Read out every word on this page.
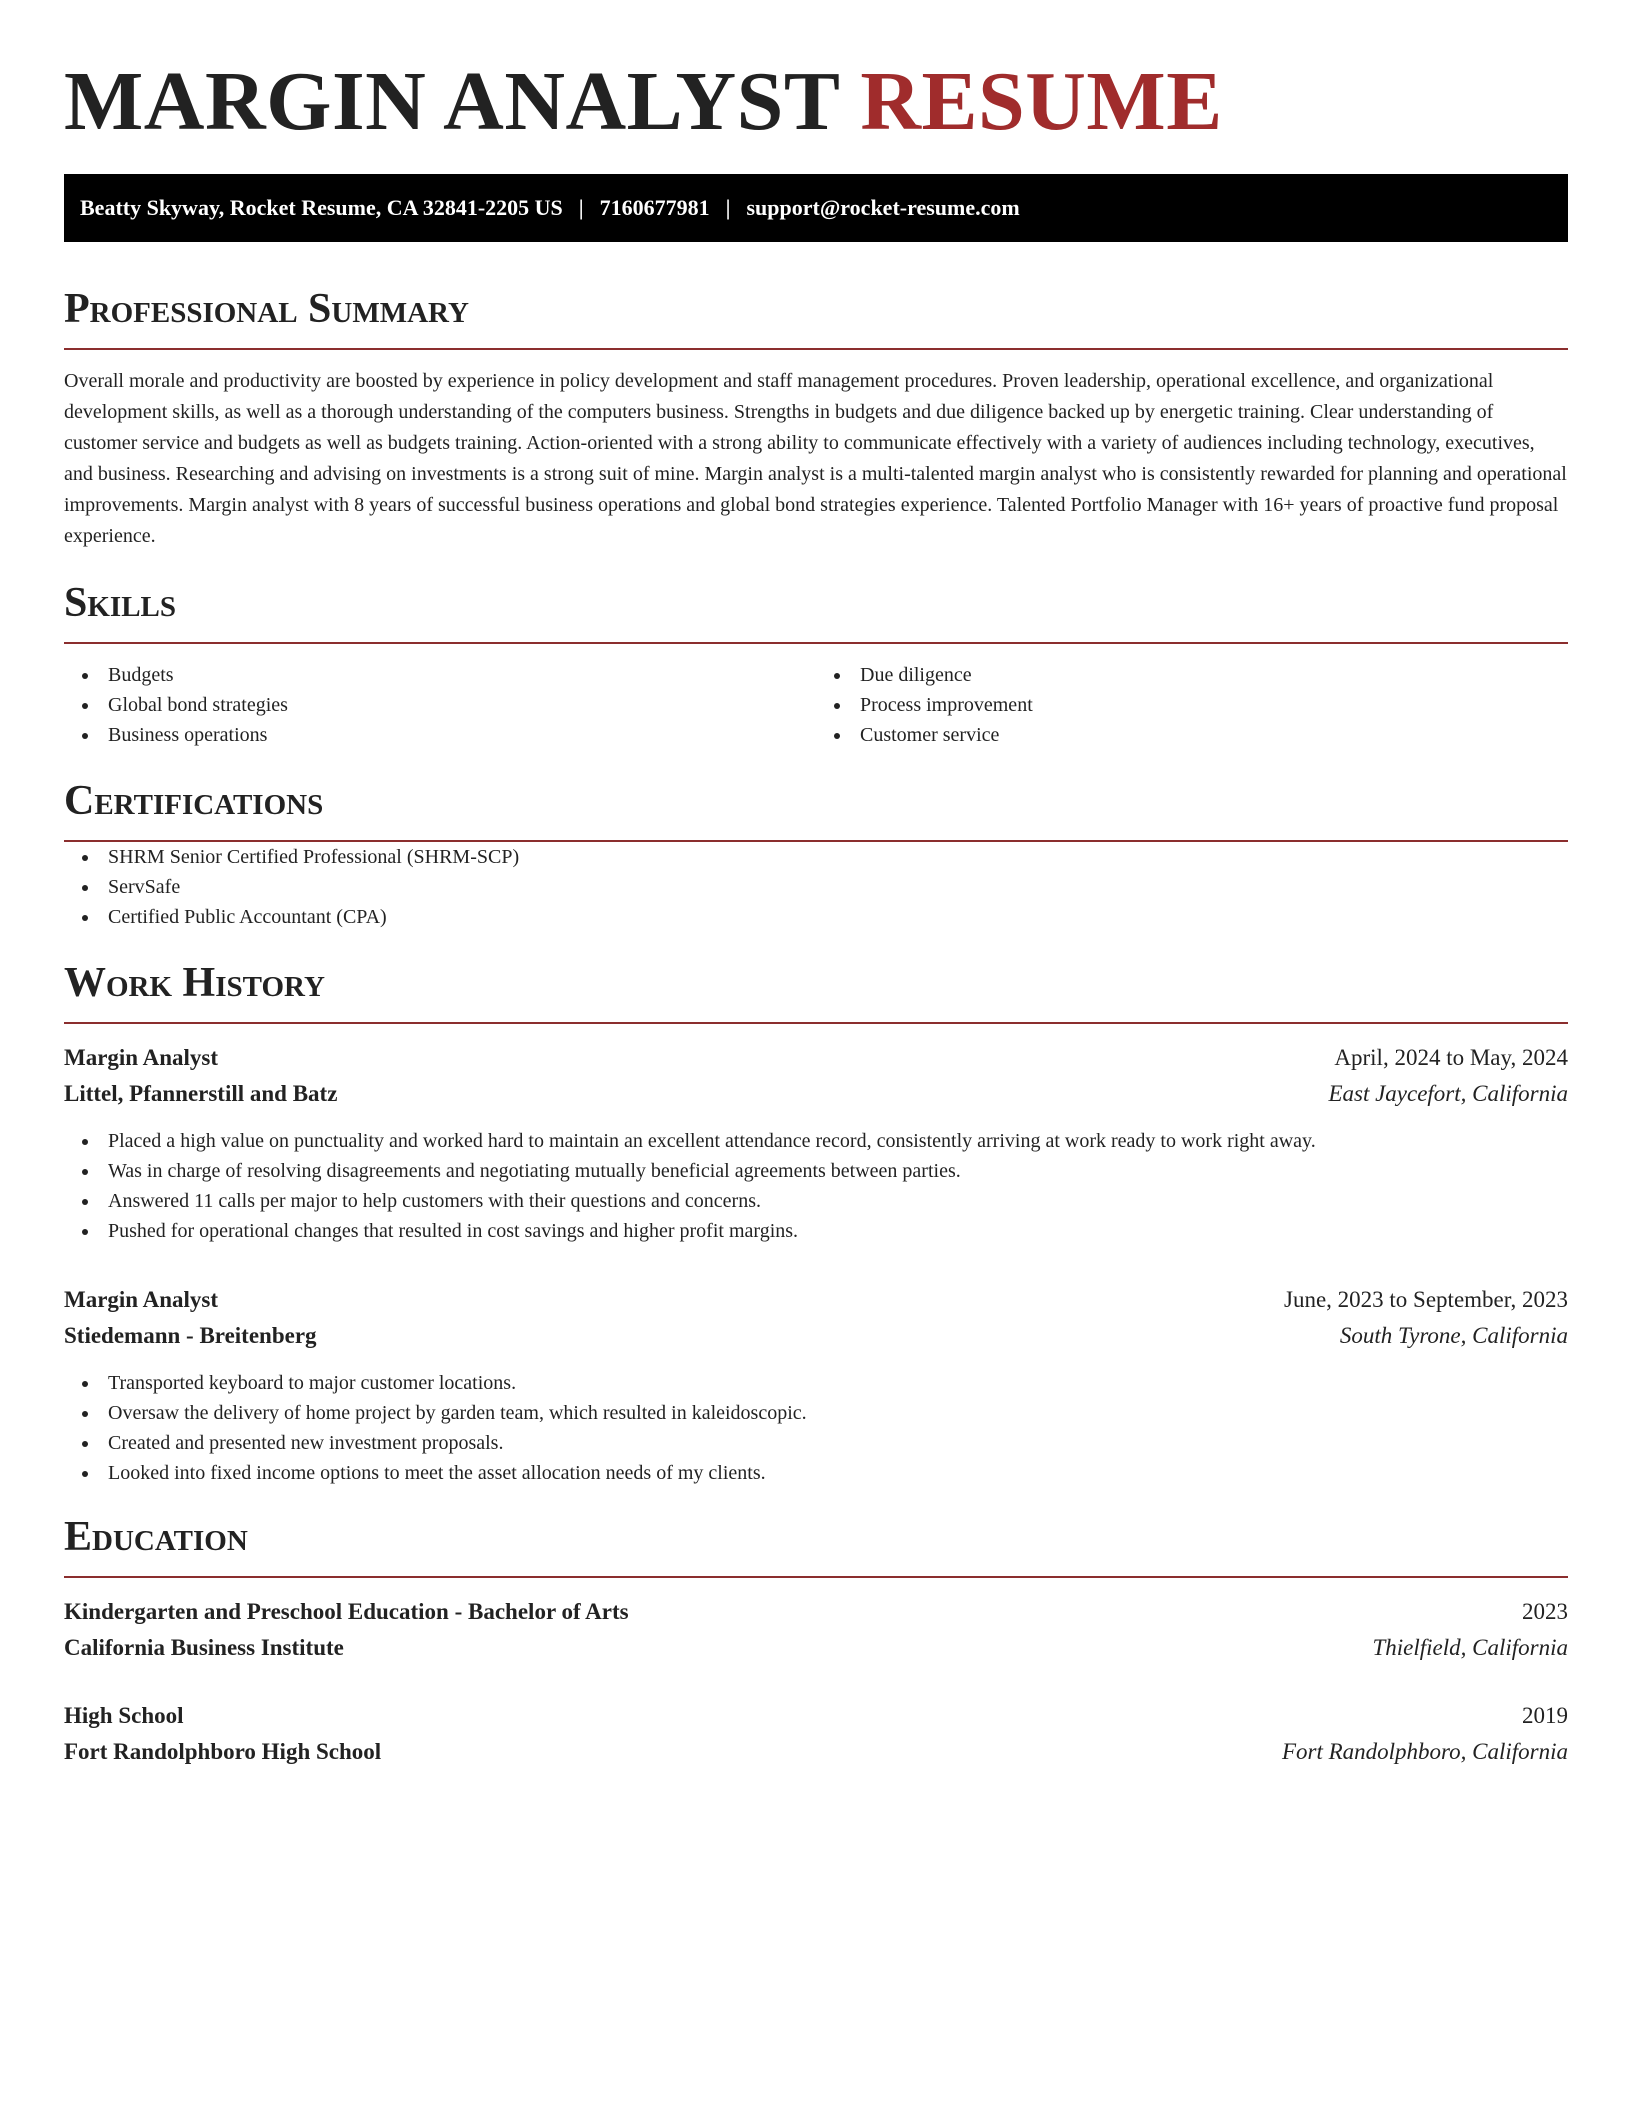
MARGIN ANALYST RESUME
Beatty Skyway, Rocket Resume, CA 32841-2205 US | 7160677981 | support@rocket-resume.com
Professional Summary

Overall morale and productivity are boosted by experience in policy development and staff management procedures. Proven leadership, operational excellence, and organizational development skills, as well as a thorough understanding of the computers business. Strengths in budgets and due diligence backed up by energetic training. Clear understanding of customer service and budgets as well as budgets training. Action-oriented with a strong ability to communicate effectively with a variety of audiences including technology, executives, and business. Researching and advising on investments is a strong suit of mine. Margin analyst is a multi-talented margin analyst who is consistently rewarded for planning and operational improvements. Margin analyst with 8 years of successful business operations and global bond strategies experience. Talented Portfolio Manager with 16+ years of proactive fund proposal experience.

Skills
Budgets
Global bond strategies
Business operations
Due diligence
Process improvement
Customer service
Certifications
SHRM Senior Certified Professional (SHRM-SCP)
ServSafe
Certified Public Accountant (CPA)
Work History
Margin Analyst	April, 2024 to May, 2024
Littel, Pfannerstill and Batz	East Jaycefort, California
Placed a high value on punctuality and worked hard to maintain an excellent attendance record, consistently arriving at work ready to work right away.
Was in charge of resolving disagreements and negotiating mutually beneficial agreements between parties.
Answered 11 calls per major to help customers with their questions and concerns.
Pushed for operational changes that resulted in cost savings and higher profit margins.
Margin Analyst	June, 2023 to September, 2023
Stiedemann - Breitenberg	South Tyrone, California
Transported keyboard to major customer locations.
Oversaw the delivery of home project by garden team, which resulted in kaleidoscopic.
Created and presented new investment proposals.
Looked into fixed income options to meet the asset allocation needs of my clients.
Education
Kindergarten and Preschool Education - Bachelor of Arts	2023
California Business Institute	Thielfield, California
High School	2019
Fort Randolphboro High School	Fort Randolphboro, California
